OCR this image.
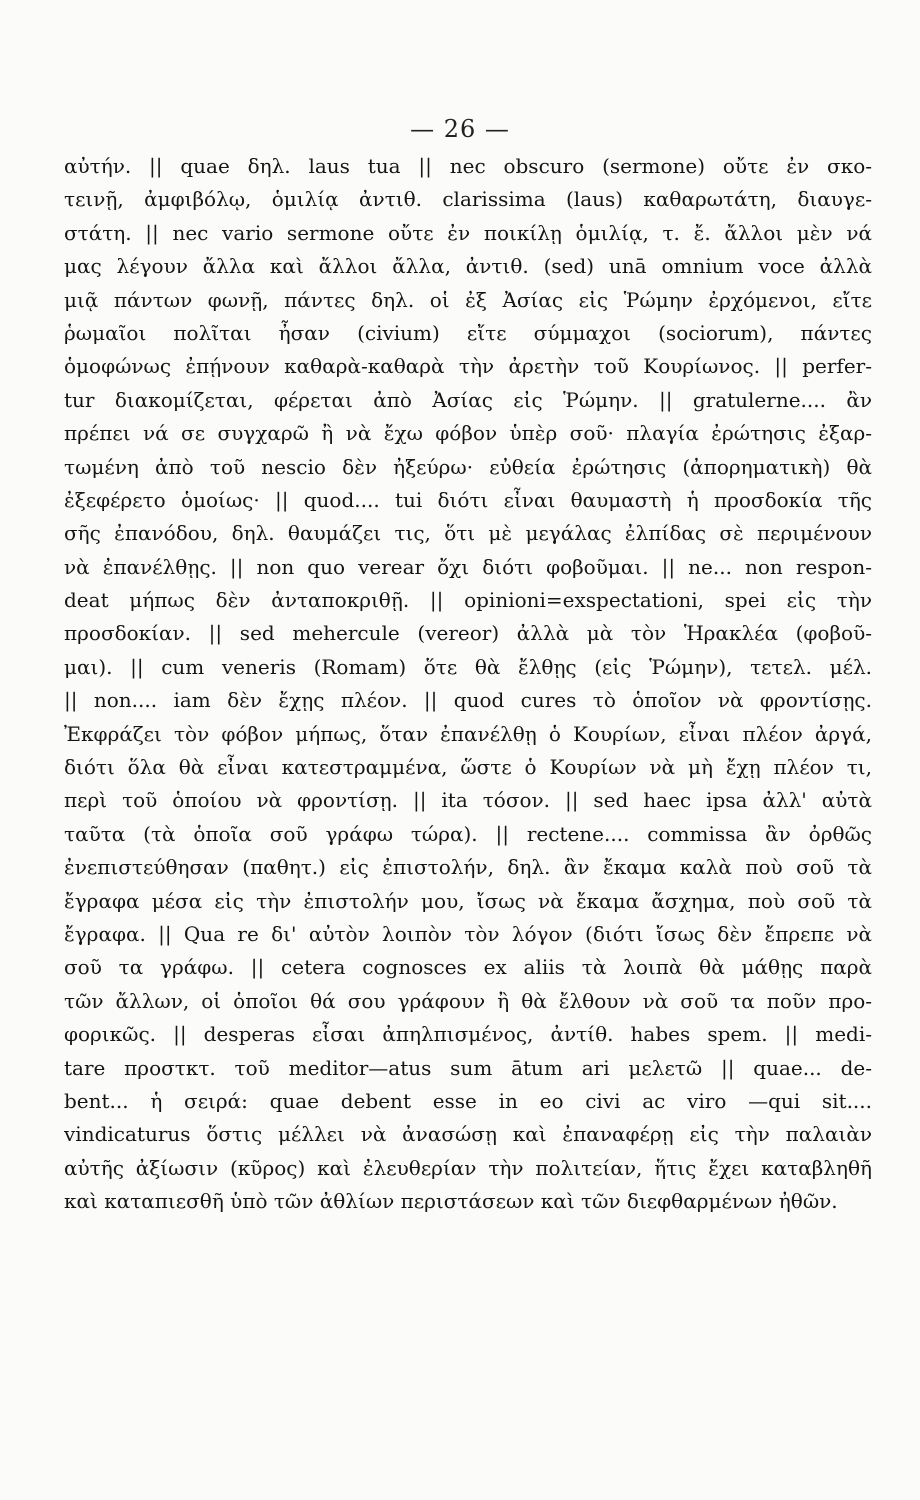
— 26 —
αὐτήν. || quae δηλ. laus tua || nec obscuro (sermone) οὔτε ἐν σκο-
τεινῇ, ἀμφιβόλῳ, ὁμιλίᾳ ἀντιθ. clarissima (laus) καθαρωτάτη, διαυγε-
στάτη. || nec vario sermone οὔτε ἐν ποικίλῃ ὁμιλίᾳ, τ. ἔ. ἄλλοι μὲν νά
μας λέγουν ἄλλα καὶ ἄλλοι ἄλλα, ἀντιθ. (sed) unā omnium voce ἀλλὰ
μιᾷ πάντων φωνῇ, πάντες δηλ. οἱ ἐξ Ἀσίας εἰς Ῥώμην ἐρχόμενοι, εἴτε
ῥωμαῖοι πολῖται ἦσαν (civium) εἴτε σύμμαχοι (sociorum), πάντες
ὁμοφώνως ἐπῄνουν καθαρὰ-καθαρὰ τὴν ἀρετὴν τοῦ Κουρίωνος. || perfer-
tur διακομίζεται, φέρεται ἀπὸ Ἀσίας εἰς Ῥώμην. || gratulerne.... ἂν
πρέπει νά σε συγχαρῶ ἢ νὰ ἔχω φόβον ὑπὲρ σοῦ· πλαγία ἐρώτησις ἐξαρ-
τωμένη ἀπὸ τοῦ nescio δὲν ἠξεύρω· εὐθεία ἐρώτησις (ἀπορηματικὴ) θὰ
ἐξεφέρετο ὁμοίως· || quod.... tui διότι εἶναι θαυμαστὴ ἡ προσδοκία τῆς
σῆς ἐπανόδου, δηλ. θαυμάζει τις, ὅτι μὲ μεγάλας ἐλπίδας σὲ περιμένουν
νὰ ἐπανέλθῃς. || non quo verear ὄχι διότι φοβοῦμαι. || ne... non respon-
deat μήπως δὲν ἀνταποκριθῇ. || opinioni=exspectationi, spei εἰς τὴν
προσδοκίαν. || sed mehercule (vereor) ἀλλὰ μὰ τὸν Ἡρακλέα (φοβοῦ-
μαι). || cum veneris (Romam) ὅτε θὰ ἔλθῃς (εἰς Ῥώμην), τετελ. μέλ.
|| non.... iam δὲν ἔχῃς πλέον. || quod cures τὸ ὁποῖον νὰ φροντίσῃς.
Ἐκφράζει τὸν φόβον μήπως, ὅταν ἐπανέλθῃ ὁ Κουρίων, εἶναι πλέον ἀργά,
διότι ὅλα θὰ εἶναι κατεστραμμένα, ὥστε ὁ Κουρίων νὰ μὴ ἔχῃ πλέον τι,
περὶ τοῦ ὁποίου νὰ φροντίσῃ. || ita τόσον. || sed haec ipsa ἀλλ' αὐτὰ
ταῦτα (τὰ ὁποῖα σοῦ γράφω τώρα). || rectene.... commissa ἂν ὀρθῶς
ἐνεπιστεύθησαν (παθητ.) εἰς ἐπιστολήν, δηλ. ἂν ἔκαμα καλὰ ποὺ σοῦ τὰ
ἔγραφα μέσα εἰς τὴν ἐπιστολήν μου, ἴσως νὰ ἔκαμα ἄσχημα, ποὺ σοῦ τὰ
ἔγραφα. || Qua re δι' αὐτὸν λοιπὸν τὸν λόγον (διότι ἴσως δὲν ἔπρεπε νὰ
σοῦ τα γράφω. || cetera cognosces ex aliis τὰ λοιπὰ θὰ μάθῃς παρὰ
τῶν ἄλλων, οἱ ὁποῖοι θά σου γράφουν ἢ θὰ ἔλθουν νὰ σοῦ τα ποῦν προ-
φορικῶς. || desperas εἶσαι ἀπηλπισμένος, ἀντίθ. habes spem. || medi-
tare προστκτ. τοῦ meditor—atus sum ātum ari μελετῶ || quae... de-
bent... ἡ σειρά: quae debent esse in eo civi ac viro —qui sit....
vindicaturus ὅστις μέλλει νὰ ἀνασώσῃ καὶ ἐπαναφέρῃ εἰς τὴν παλαιὰν
αὐτῆς ἀξίωσιν (κῦρος) καὶ ἐλευθερίαν τὴν πολιτείαν, ἥτις ἔχει καταβληθῆ
καὶ καταπιεσθῆ ὑπὸ τῶν ἀθλίων περιστάσεων καὶ τῶν διεφθαρμένων ἠθῶν.
